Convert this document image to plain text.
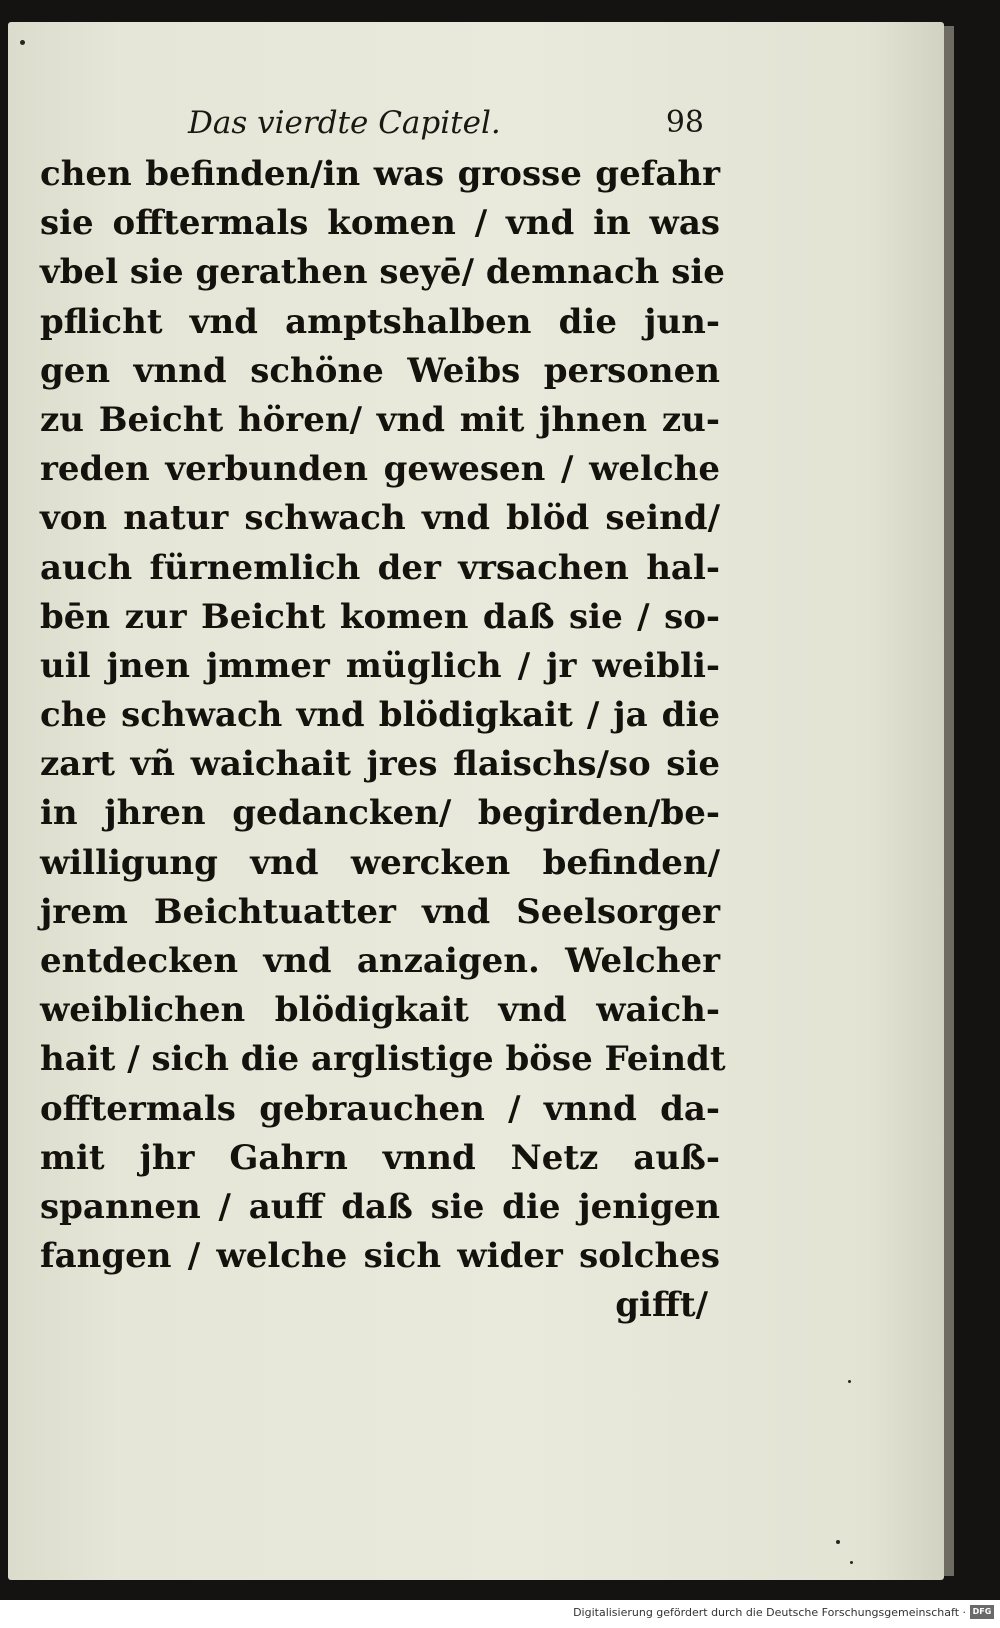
Das vierdte Capitel.	98
chen befinden/in was grosse gefahr
sie offtermals komen / vnd in was
vbel sie gerathen seyē/ demnach sie
pflicht vnd amptshalben die jun-
gen vnnd schöne Weibs personen
zu Beicht hören/ vnd mit jhnen zu-
reden verbunden gewesen / welche
von natur schwach vnd blöd seind/
auch fürnemlich der vrsachen hal-
bēn zur Beicht komen daß sie / so-
uil jnen jmmer müglich / jr weibli-
che schwach vnd blödigkait / ja die
zart vñ waichait jres flaischs/so sie
in jhren gedancken/ begirden/be-
willigung vnd wercken befinden/
jrem Beichtuatter vnd Seelsorger
entdecken vnd anzaigen. Welcher
weiblichen blödigkait vnd waich-
hait / sich die arglistige böse Feindt
offtermals gebrauchen / vnnd da-
mit jhr Gahrn vnnd Netz auß-
spannen / auff daß sie die jenigen
fangen / welche sich wider solches
gifft/
Digitalisierung gefördert durch die Deutsche Forschungsgemeinschaft · DFG
